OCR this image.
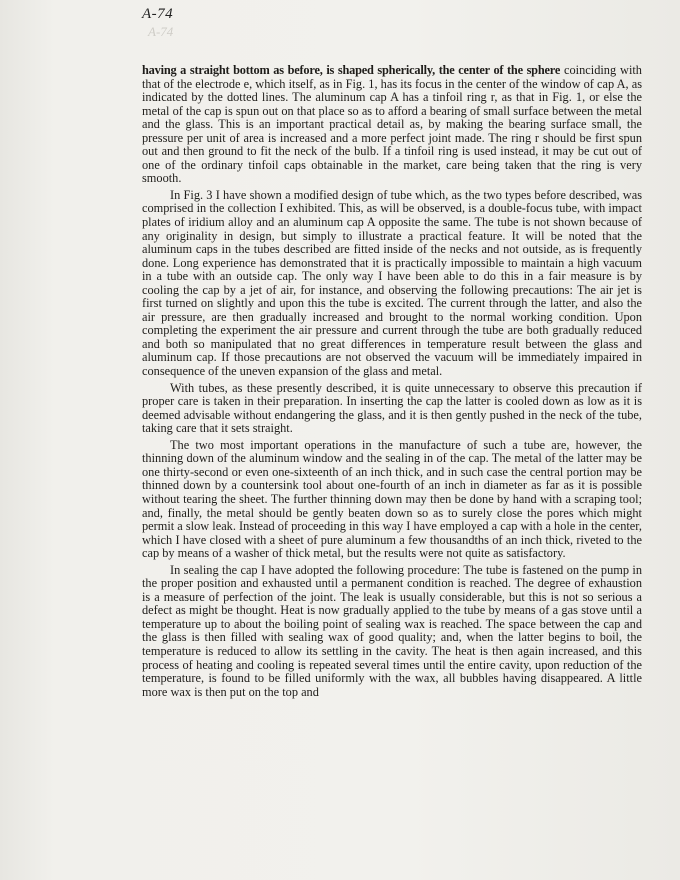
A-74
A-74

having a straight bottom as before, is shaped spherically, the center of the sphere coinciding with that of the electrode e, which itself, as in Fig. 1, has its focus in the center of the window of cap A, as indicated by the dotted lines. The aluminum cap A has a tinfoil ring r, as that in Fig. 1, or else the metal of the cap is spun out on that place so as to afford a bearing of small surface between the metal and the glass. This is an important practical detail as, by making the bearing surface small, the pressure per unit of area is increased and a more perfect joint made. The ring r should be first spun out and then ground to fit the neck of the bulb. If a tinfoil ring is used instead, it may be cut out of one of the ordinary tinfoil caps obtainable in the market, care being taken that the ring is very smooth.

In Fig. 3 I have shown a modified design of tube which, as the two types before described, was comprised in the collection I exhibited. This, as will be observed, is a double-focus tube, with impact plates of iridium alloy and an aluminum cap A opposite the same. The tube is not shown because of any originality in design, but simply to illustrate a practical feature. It will be noted that the aluminum caps in the tubes described are fitted inside of the necks and not outside, as is frequently done. Long experience has demonstrated that it is practically impossible to maintain a high vacuum in a tube with an outside cap. The only way I have been able to do this in a fair measure is by cooling the cap by a jet of air, for instance, and observing the following precautions: The air jet is first turned on slightly and upon this the tube is excited. The current through the latter, and also the air pressure, are then gradually increased and brought to the normal working condition. Upon completing the experiment the air pressure and current through the tube are both gradually reduced and both so manipulated that no great differences in temperature result between the glass and aluminum cap. If those precautions are not observed the vacuum will be immediately impaired in consequence of the uneven expansion of the glass and metal.

With tubes, as these presently described, it is quite unnecessary to observe this precaution if proper care is taken in their preparation. In inserting the cap the latter is cooled down as low as it is deemed advisable without endangering the glass, and it is then gently pushed in the neck of the tube, taking care that it sets straight.

The two most important operations in the manufacture of such a tube are, however, the thinning down of the aluminum window and the sealing in of the cap. The metal of the latter may be one thirty-second or even one-sixteenth of an inch thick, and in such case the central portion may be thinned down by a countersink tool about one-fourth of an inch in diameter as far as it is possible without tearing the sheet. The further thinning down may then be done by hand with a scraping tool; and, finally, the metal should be gently beaten down so as to surely close the pores which might permit a slow leak. Instead of proceeding in this way I have employed a cap with a hole in the center, which I have closed with a sheet of pure aluminum a few thousandths of an inch thick, riveted to the cap by means of a washer of thick metal, but the results were not quite as satisfactory.

In sealing the cap I have adopted the following procedure: The tube is fastened on the pump in the proper position and exhausted until a permanent condition is reached. The degree of exhaustion is a measure of perfection of the joint. The leak is usually considerable, but this is not so serious a defect as might be thought. Heat is now gradually applied to the tube by means of a gas stove until a temperature up to about the boiling point of sealing wax is reached. The space between the cap and the glass is then filled with sealing wax of good quality; and, when the latter begins to boil, the temperature is reduced to allow its settling in the cavity. The heat is then again increased, and this process of heating and cooling is repeated several times until the entire cavity, upon reduction of the temperature, is found to be filled uniformly with the wax, all bubbles having disappeared. A little more wax is then put on the top and
